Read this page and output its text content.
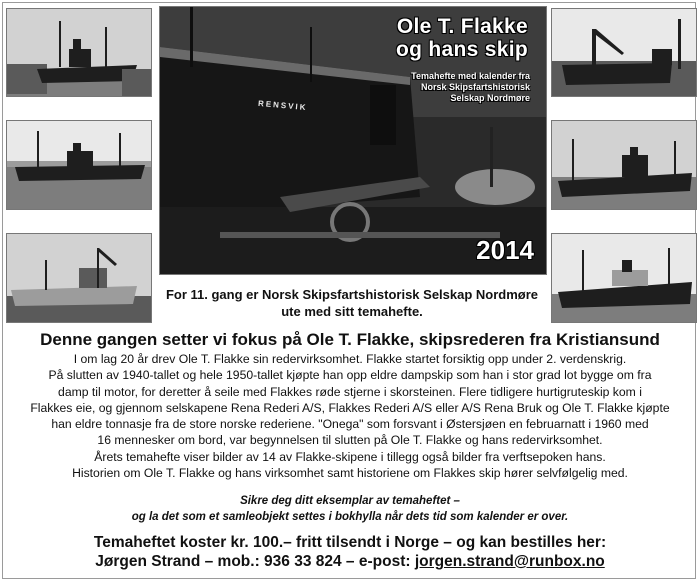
RENSVIK
Ole T. Flakke
og hans skip
Temahefte med kalender fra
Norsk Skipsfartshistorisk
Selskap Nordmøre
2014
For 11. gang er Norsk Skipsfartshistorisk Selskap Nordmøre
ute med sitt temahefte.
Denne gangen setter vi fokus på Ole T. Flakke, skipsrederen fra Kristiansund
I om lag 20 år drev Ole T. Flakke sin redervirksomhet. Flakke startet forsiktig opp under 2. verdenskrig.
På slutten av 1940-tallet og hele 1950-tallet kjøpte han opp eldre dampskip som han i stor grad lot bygge om fra
damp til motor, for deretter å seile med Flakkes røde stjerne i skorsteinen. Flere tidligere hurtigruteskip kom i
Flakkes eie, og gjennom selskapene Rena Rederi A/S, Flakkes Rederi A/S eller A/S Rena Bruk og Ole T. Flakke kjøpte
han eldre tonnasje fra de store norske rederiene. "Onega" som forsvant i Østersjøen en februarnatt i 1960 med
16 mennesker om bord, var begynnelsen til slutten på Ole T. Flakke og hans redervirksomhet.
Årets temahefte viser bilder av 14 av Flakke-skipene i tillegg også bilder fra verftsepoken hans.
Historien om Ole T. Flakke og hans virksomhet samt historiene om Flakkes skip hører selvfølgelig med.
Sikre deg ditt eksemplar av temaheftet –
og la det som et samleobjekt settes i bokhylla når dets tid som kalender er over.
Temaheftet koster kr. 100.– fritt tilsendt i Norge – og kan bestilles her:
Jørgen Strand – mob.: 936 33 824 – e-post: jorgen.strand@runbox.no
